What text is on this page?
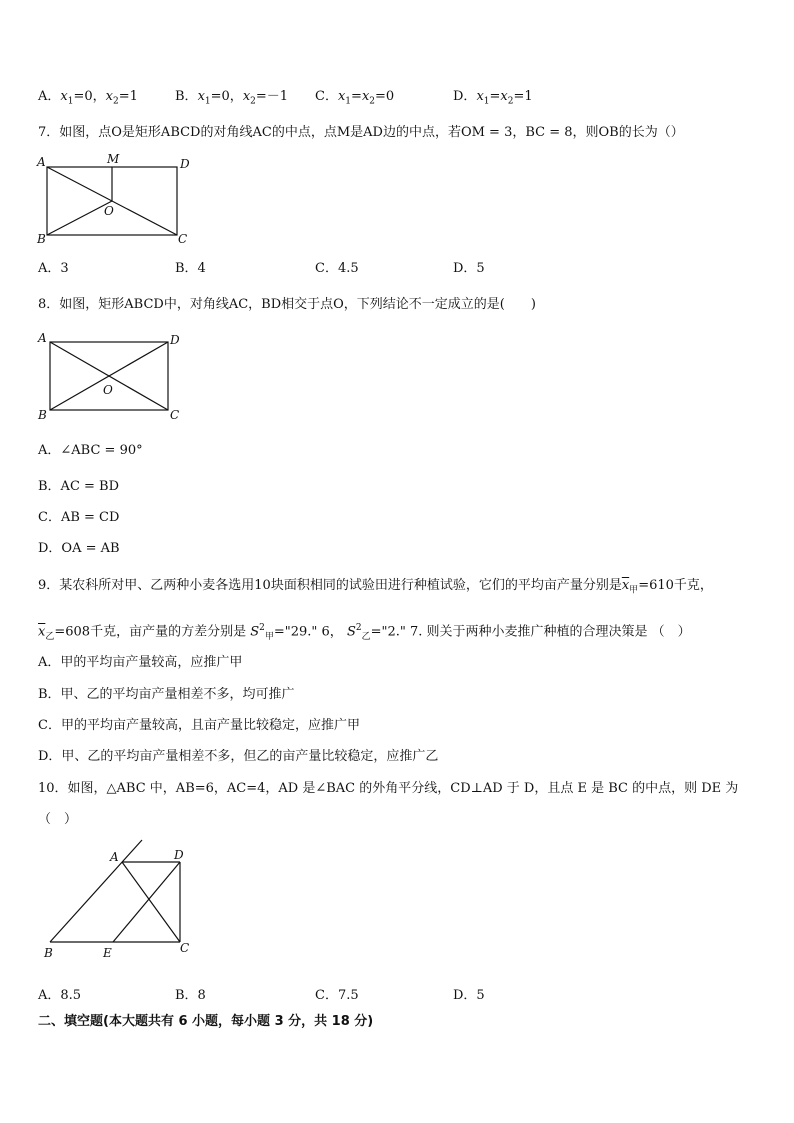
A．$x_1=0$，$x_2=1$	B．$x_1=0$，$x_2=-1$ C．$x_1=x_2=0$	D．$x_1=x_2=1$
7．如图，点O是矩形ABCD的对角线AC的中点，点M是AD边的中点，若OM = 3，BC = 8，则OB的长为（）
A	M	D
O
B	C
A．3	B．4	C．4.5	D．5
8．如图，矩形ABCD中，对角线AC，BD相交于点O，下列结论不一定成立的是(　　)
A	D
O
B	C
A．∠ABC = 90°
B．AC = BD
C．AB = CD
D．OA = AB
9．某农科所对甲、乙两种小麦各选用10块面积相同的试验田进行种植试验，它们的平均亩产量分别是$\overline{x}_甲=610$千克，
$\overline{x}_乙=608$千克，亩产量的方差分别是 $S^2_甲="29$." 6， $S^2_乙="2$." 7. 则关于两种小麦推广种植的合理决策是 （　）
A．甲的平均亩产量较高，应推广甲
B．甲、乙的平均亩产量相差不多，均可推广
C．甲的平均亩产量较高，且亩产量比较稳定，应推广甲
D．甲、乙的平均亩产量相差不多，但乙的亩产量比较稳定，应推广乙
10．如图，△ABC 中，AB=6，AC=4，AD 是∠BAC 的外角平分线，CD⊥AD 于 D，且点 E 是 BC 的中点，则 DE 为
（　）
A	D
B	E	C
A．8.5	B．8	C．7.5	D．5
二、填空题(本大题共有 6 小题，每小题 3 分，共 18 分)
